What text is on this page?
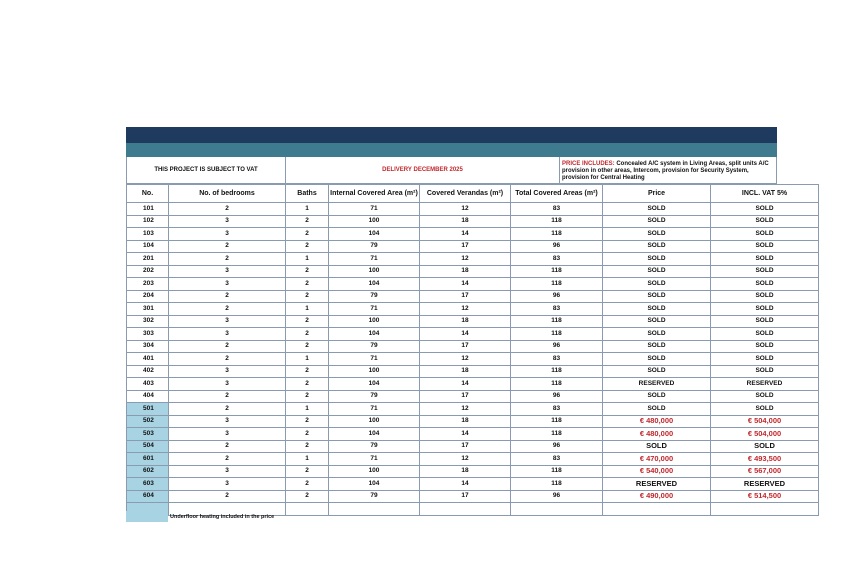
THIS PROJECT IS SUBJECT TO VAT	DELIVERY DECEMBER 2025
PRICE INCLUDES: Concealed A/C system in Living Areas, split units A/C provision in other areas, Intercom, provision for Security System, provision for Central Heating
No.	No. of bedrooms	Baths	Internal Covered Area (m²)	Covered Verandas (m²)	Total Covered Areas (m²)	Price	INCL. VAT 5%
101	2	1	71	12	83	SOLD	SOLD
102	3	2	100	18	118	SOLD	SOLD
103	3	2	104	14	118	SOLD	SOLD
104	2	2	79	17	96	SOLD	SOLD
201	2	1	71	12	83	SOLD	SOLD
202	3	2	100	18	118	SOLD	SOLD
203	3	2	104	14	118	SOLD	SOLD
204	2	2	79	17	96	SOLD	SOLD
301	2	1	71	12	83	SOLD	SOLD
302	3	2	100	18	118	SOLD	SOLD
303	3	2	104	14	118	SOLD	SOLD
304	2	2	79	17	96	SOLD	SOLD
401	2	1	71	12	83	SOLD	SOLD
402	3	2	100	18	118	SOLD	SOLD
403	3	2	104	14	118	RESERVED	RESERVED
404	2	2	79	17	96	SOLD	SOLD
501	2	1	71	12	83	SOLD	SOLD
502	3	2	100	18	118	€ 480,000	€ 504,000
503	3	2	104	14	118	€ 480,000	€ 504,000
504	2	2	79	17	96	SOLD	SOLD
601	2	1	71	12	83	€ 470,000	€ 493,500
602	3	2	100	18	118	€ 540,000	€ 567,000
603	3	2	104	14	118	RESERVED	RESERVED
604	2	2	79	17	96	€ 490,000	€ 514,500

Underfloor heating included in the price
